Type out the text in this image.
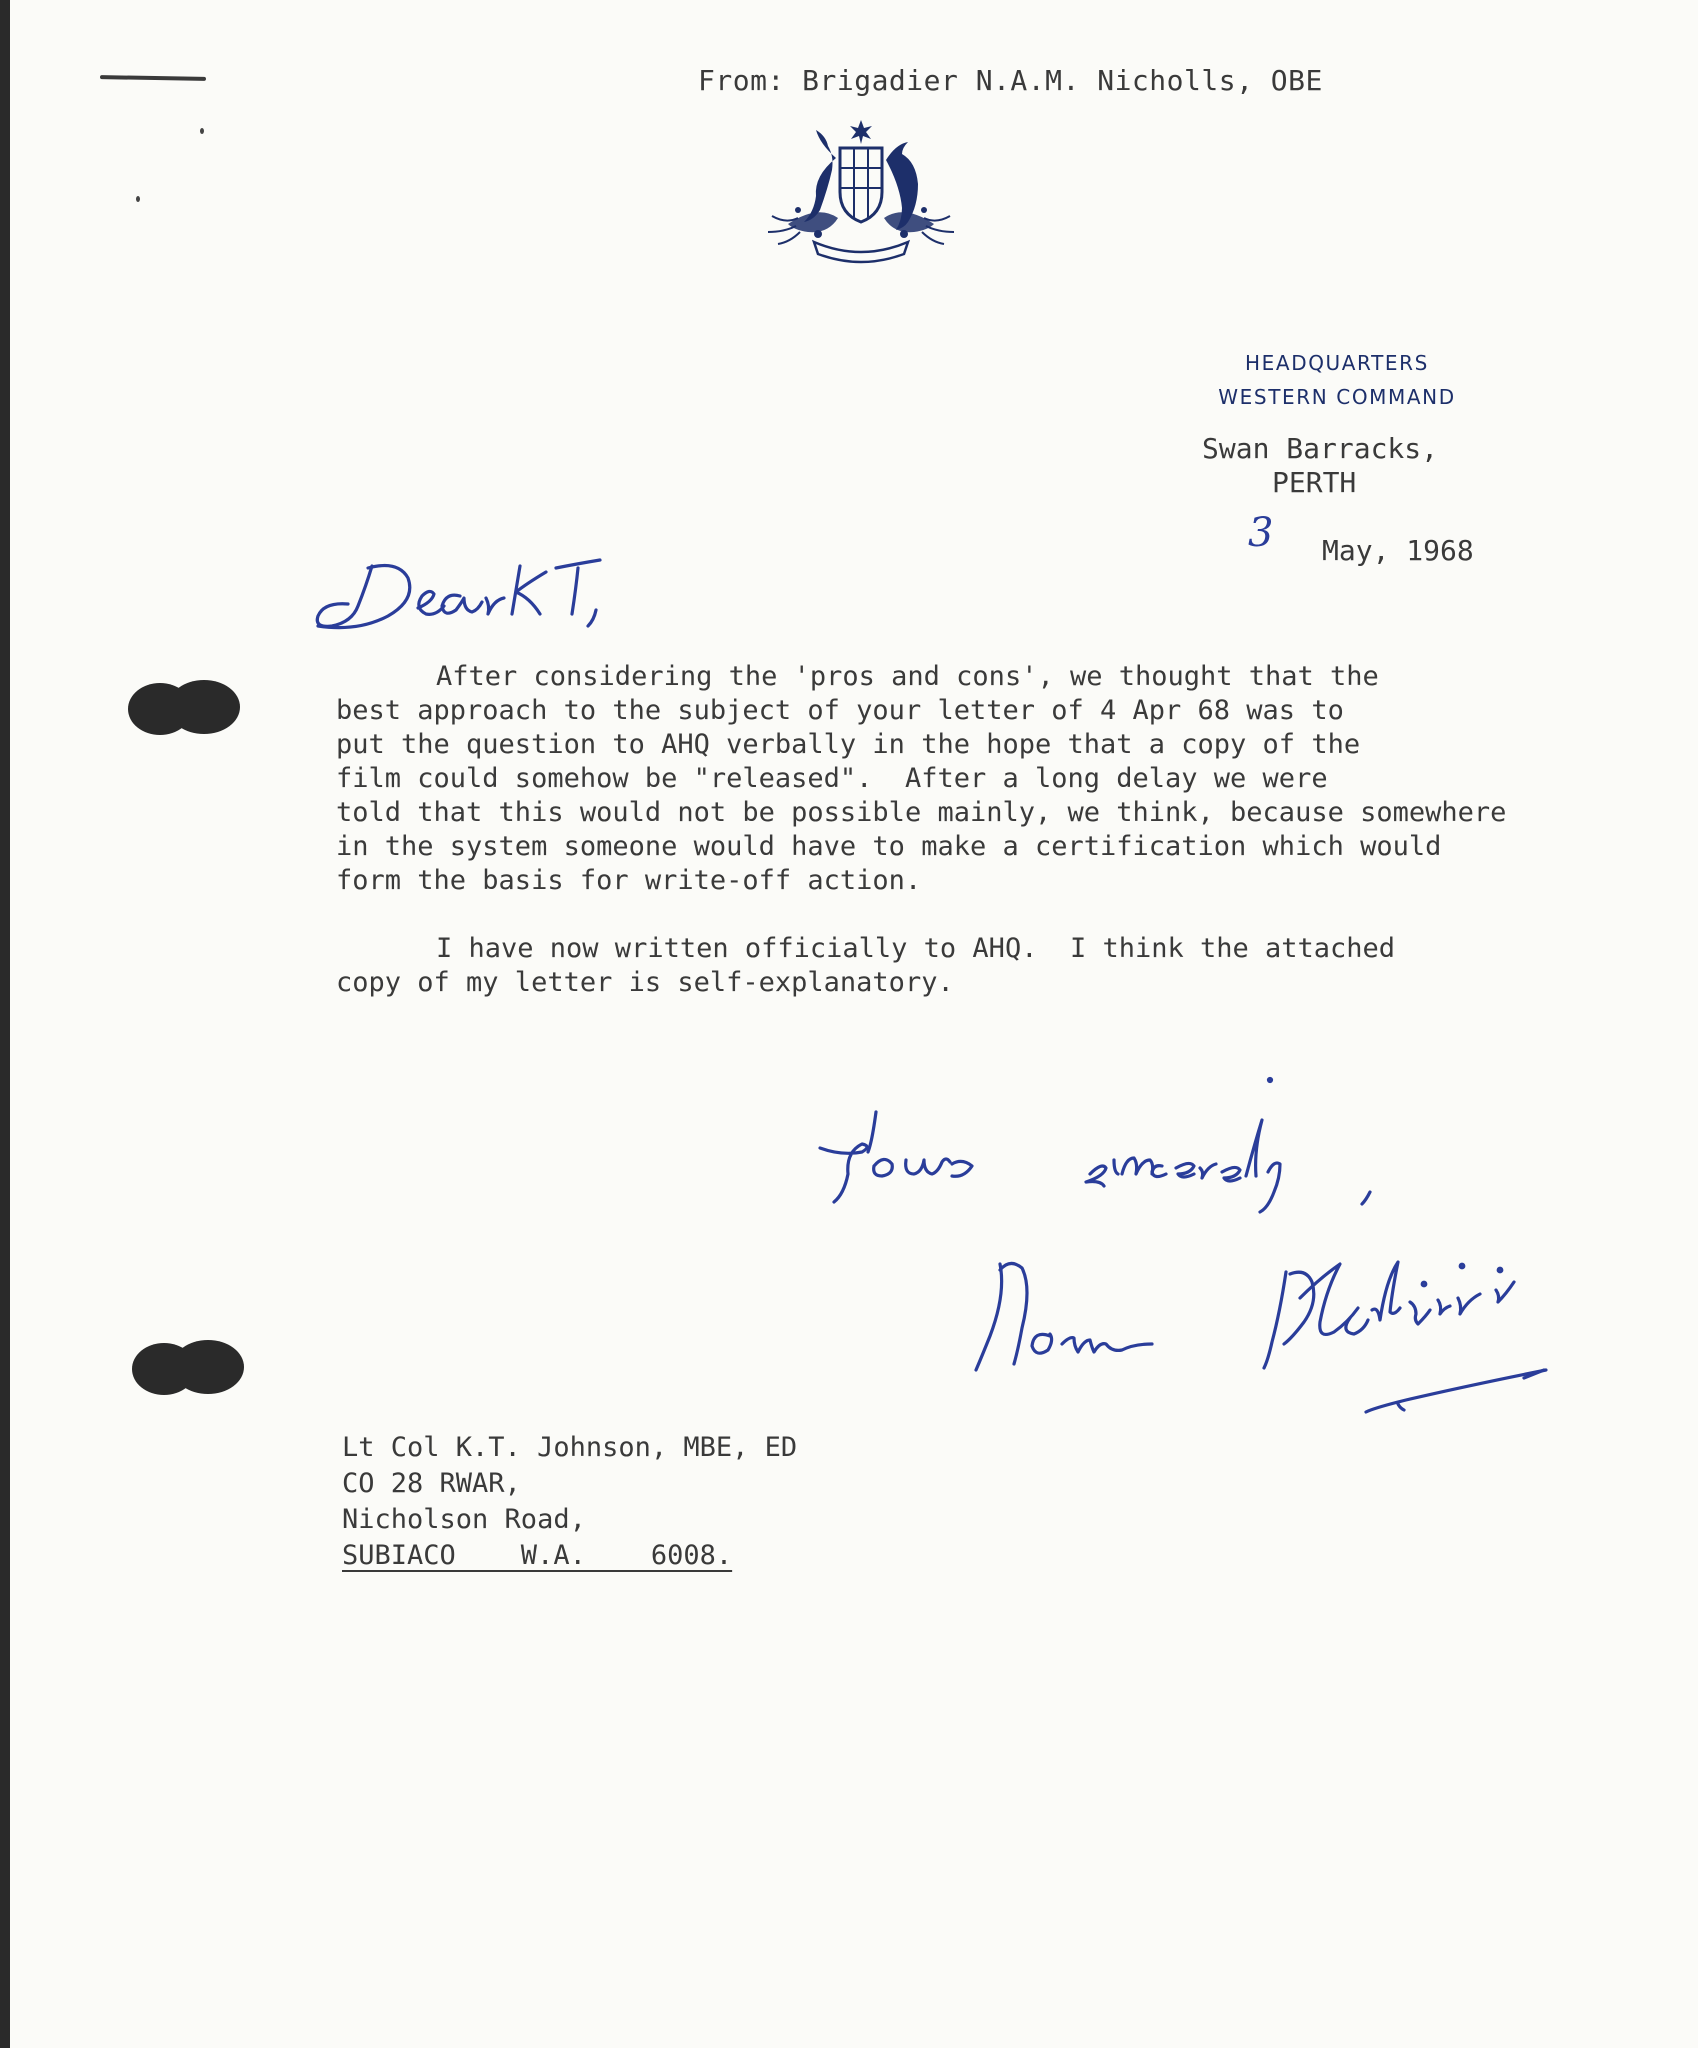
From: Brigadier N.A.M. Nicholls, OBE
HEADQUARTERS
WESTERN COMMAND
Swan Barracks,
PERTH
3 May, 1968
After considering the 'pros and cons', we thought that the
best approach to the subject of your letter of 4 Apr 68 was to
put the question to AHQ verbally in the hope that a copy of the
film could somehow be "released".  After a long delay we were
told that this would not be possible mainly, we think, because somewhere
in the system someone would have to make a certification which would
form the basis for write-off action.
I have now written officially to AHQ.  I think the attached
copy of my letter is self-explanatory.
Lt Col K.T. Johnson, MBE, ED
CO 28 RWAR,
Nicholson Road,
SUBIACO    W.A.    6008.
